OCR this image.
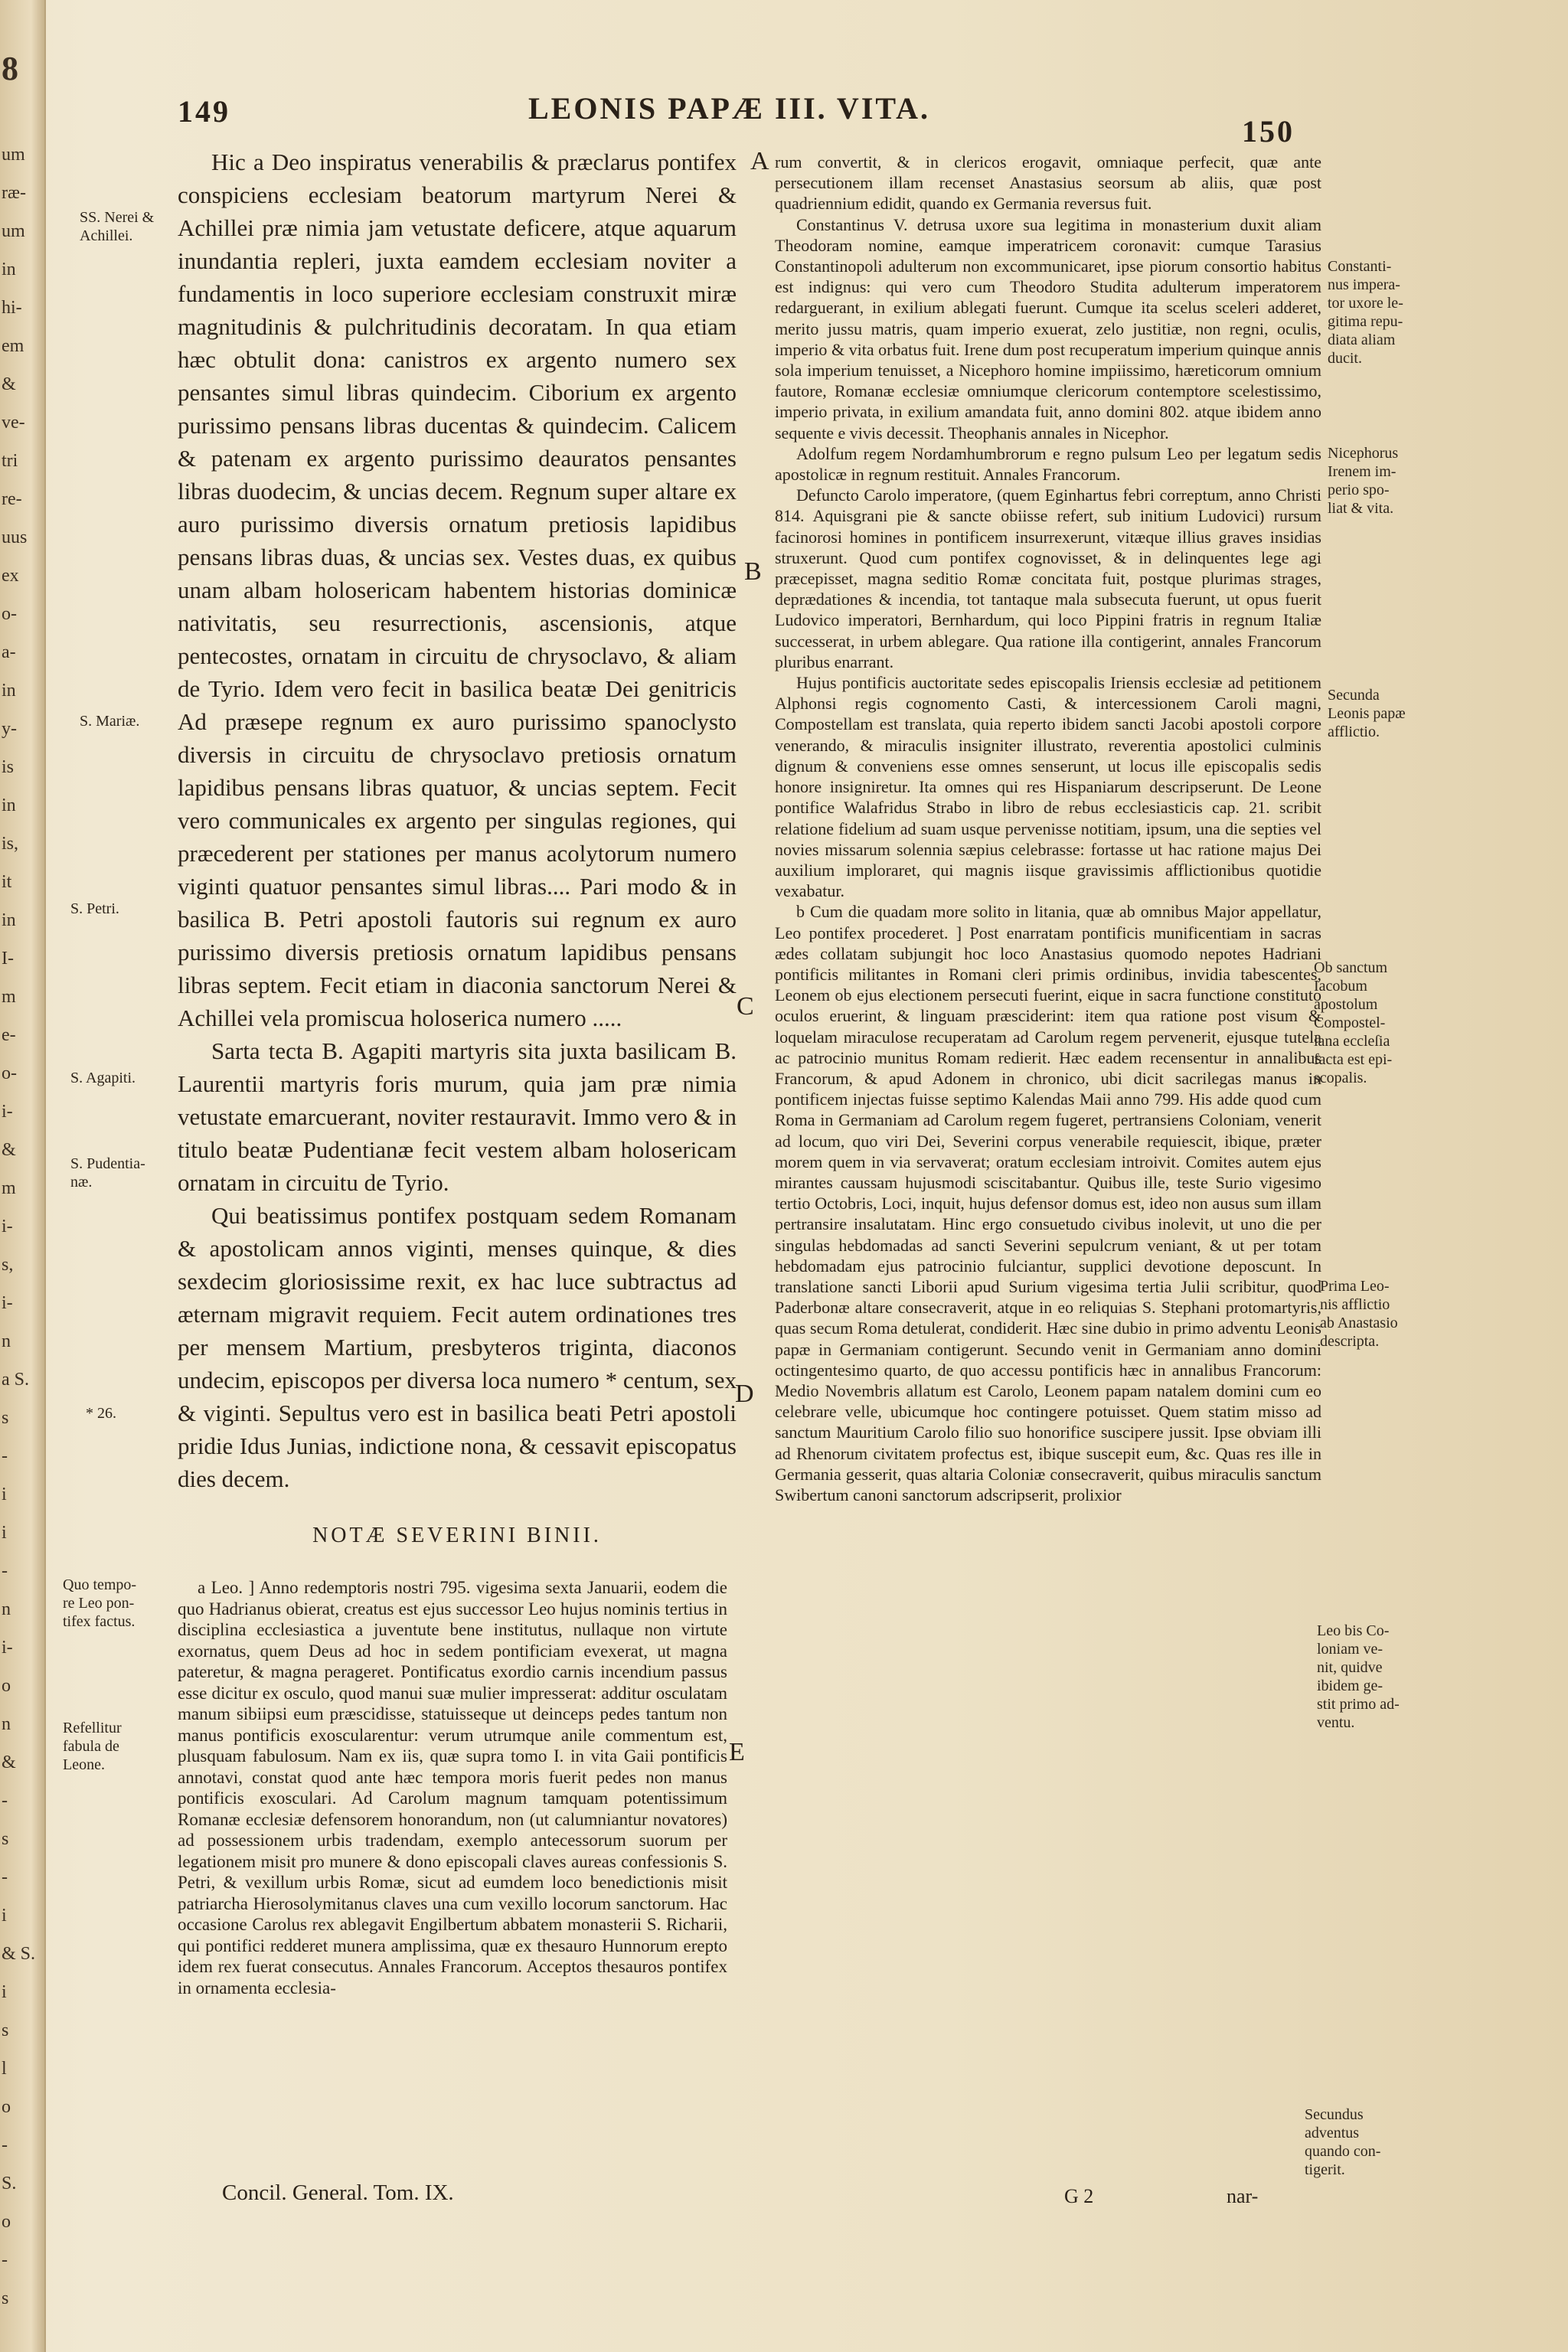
8
um
ræ-
um
in
hi-
em
&
ve-
tri
re-
uus
ex
o-
a-
in
y-
is
in
is,
it
in
I-
m
e-
o-
i-
&
m
i-
s,
i-
n
a S.
s
-
i
i
-
n
i-
o
n
&
-
s
-
i
& S.
i
s
l
o
-
S.
o
-
s
149	LEONIS PAPÆ III. VITA.
150
SS. Nerei &
Achillei.
S. Mariæ.
S. Petri.
S. Agapiti.
S. Pudentia-
næ.
* 26.
Quo tempo-
re Leo pon-
tifex factus.
Refellitur
fabula de
Leone.

Hic a Deo inspiratus venerabilis & præclarus pontifex conspiciens ecclesiam beatorum martyrum Nerei & Achillei præ nimia jam vetustate deficere, atque aquarum inundantia repleri, juxta eamdem ecclesiam noviter a fundamentis in loco superiore ecclesiam construxit miræ magnitudinis & pulchritudinis decoratam. In qua etiam hæc obtulit dona: canistros ex argento numero sex pensantes simul libras quindecim. Ciborium ex argento purissimo pensans libras ducentas & quindecim. Calicem & patenam ex argento purissimo deauratos pensantes libras duodecim, & uncias decem. Regnum super altare ex auro purissimo diversis ornatum pretiosis lapidibus pensans libras duas, & uncias sex. Vestes duas, ex quibus unam albam holosericam habentem historias dominicæ nativitatis, seu resurrectionis, ascensionis, atque pentecostes, ornatam in circuitu de chrysoclavo, & aliam de Tyrio. Idem vero fecit in basilica beatæ Dei genitricis Ad præsepe regnum ex auro purissimo spanoclysto diversis in circuitu de chrysoclavo pretiosis ornatum lapidibus pensans libras quatuor, & uncias septem. Fecit vero communicales ex argento per singulas regiones, qui præcederent per stationes per manus acolytorum numero viginti quatuor pensantes simul libras.... Pari modo & in basilica B. Petri apostoli fautoris sui regnum ex auro purissimo diversis pretiosis ornatum lapidibus pensans libras septem. Fecit etiam in diaconia sanctorum Nerei & Achillei vela promiscua holoserica numero .....

Sarta tecta B. Agapiti martyris sita juxta basilicam B. Laurentii martyris foris murum, quia jam præ nimia vetustate emarcuerant, noviter restauravit. Immo vero & in titulo beatæ Pudentianæ fecit vestem albam holosericam ornatam in circuitu de Tyrio.

Qui beatissimus pontifex postquam sedem Romanam & apostolicam annos viginti, menses quinque, & dies sexdecim gloriosissime rexit, ex hac luce subtractus ad æternam migravit requiem. Fecit autem ordinationes tres per mensem Martium, presbyteros triginta, diaconos undecim, episcopos per diversa loca numero * centum, sex & viginti. Sepultus vero est in basilica beati Petri apostoli pridie Idus Junias, indictione nona, & cessavit episcopatus dies decem.

NOTÆ SEVERINI BINII.

a Leo. ] Anno redemptoris nostri 795. vigesima sexta Januarii, eodem die quo Hadrianus obierat, creatus est ejus successor Leo hujus nominis tertius in disciplina ecclesiastica a juventute bene institutus, nullaque non virtute exornatus, quem Deus ad hoc in sedem pontificiam evexerat, ut magna pateretur, & magna perageret. Pontificatus exordio carnis incendium passus esse dicitur ex osculo, quod manui suæ mulier impresserat: additur osculatam manum sibiipsi eum præscidisse, statuisseque ut deinceps pedes tantum non manus pontificis exoscularentur: verum utrumque anile commentum est, plusquam fabulosum. Nam ex iis, quæ supra tomo I. in vita Gaii pontificis annotavi, constat quod ante hæc tempora moris fuerit pedes non manus pontificis exosculari. Ad Carolum magnum tamquam potentissimum Romanæ ecclesiæ defensorem honorandum, non (ut calumniantur novatores) ad possessionem urbis tradendam, exemplo antecessorum suorum per legationem misit pro munere & dono episcopali claves aureas confessionis S. Petri, & vexillum urbis Romæ, sicut ad eumdem loco benedictionis misit patriarcha Hierosolymitanus claves una cum vexillo locorum sanctorum. Hac occasione Carolus rex ablegavit Engilbertum abbatem monasterii S. Richarii, qui pontifici redderet munera amplissima, quæ ex thesauro Hunnorum erepto idem rex fuerat consecutus. Annales Francorum. Acceptos thesauros pontifex in ornamenta ecclesia-

A
B
C
D
E

rum convertit, & in clericos erogavit, omniaque perfecit, quæ ante persecutionem illam recenset Anastasius seorsum ab aliis, quæ post quadriennium edidit, quando ex Germania reversus fuit.

Constantinus V. detrusa uxore sua legitima in monasterium duxit aliam Theodoram nomine, eamque imperatricem coronavit: cumque Tarasius Constantinopoli adulterum non excommunicaret, ipse piorum consortio habitus est indignus: qui vero cum Theodoro Studita adulterum imperatorem redarguerant, in exilium ablegati fuerunt. Cumque ita scelus sceleri adderet, merito jussu matris, quam imperio exuerat, zelo justitiæ, non regni, oculis, imperio & vita orbatus fuit. Irene dum post recuperatum imperium quinque annis sola imperium tenuisset, a Nicephoro homine impiissimo, hæreticorum omnium fautore, Romanæ ecclesiæ omniumque clericorum contemptore scelestissimo, imperio privata, in exilium amandata fuit, anno domini 802. atque ibidem anno sequente e vivis decessit. Theophanis annales in Nicephor.

Adolfum regem Nordamhumbrorum e regno pulsum Leo per legatum sedis apostolicæ in regnum restituit. Annales Francorum.

Defuncto Carolo imperatore, (quem Eginhartus febri correptum, anno Christi 814. Aquisgrani pie & sancte obiisse refert, sub initium Ludovici) rursum facinorosi homines in pontificem insurrexerunt, vitæque illius graves insidias struxerunt. Quod cum pontifex cognovisset, & in delinquentes lege agi præcepisset, magna seditio Romæ concitata fuit, postque plurimas strages, deprædationes & incendia, tot tantaque mala subsecuta fuerunt, ut opus fuerit Ludovico imperatori, Bernhardum, qui loco Pippini fratris in regnum Italiæ successerat, in urbem ablegare. Qua ratione illa contigerint, annales Francorum pluribus enarrant.

Hujus pontificis auctoritate sedes episcopalis Iriensis ecclesiæ ad petitionem Alphonsi regis cognomento Casti, & intercessionem Caroli magni, Compostellam est translata, quia reperto ibidem sancti Jacobi apostoli corpore venerando, & miraculis insigniter illustrato, reverentia apostolici culminis dignum & conveniens esse omnes senserunt, ut locus ille episcopalis sedis honore insigniretur. Ita omnes qui res Hispaniarum descripserunt. De Leone pontifice Walafridus Strabo in libro de rebus ecclesiasticis cap. 21. scribit relatione fidelium ad suam usque pervenisse notitiam, ipsum, una die septies vel novies missarum solennia sæpius celebrasse: fortasse ut hac ratione majus Dei auxilium imploraret, qui magnis iisque gravissimis afflictionibus quotidie vexabatur.

b Cum die quadam more solito in litania, quæ ab omnibus Major appellatur, Leo pontifex procederet. ] Post enarratam pontificis munificentiam in sacras ædes collatam subjungit hoc loco Anastasius quomodo nepotes Hadriani pontificis militantes in Romani cleri primis ordinibus, invidia tabescentes, Leonem ob ejus electionem persecuti fuerint, eique in sacra functione constituto oculos eruerint, & linguam præsciderint: item qua ratione post visum & loquelam miraculose recuperatam ad Carolum regem pervenerit, ejusque tutela ac patrocinio munitus Romam redierit. Hæc eadem recensentur in annalibus Francorum, & apud Adonem in chronico, ubi dicit sacrilegas manus in pontificem injectas fuisse septimo Kalendas Maii anno 799. His adde quod cum Roma in Germaniam ad Carolum regem fugeret, pertransiens Coloniam, venerit ad locum, quo viri Dei, Severini corpus venerabile requiescit, ibique, præter morem quem in via servaverat; oratum ecclesiam introivit. Comites autem ejus mirantes caussam hujusmodi sciscitabantur. Quibus ille, teste Surio vigesimo tertio Octobris, Loci, inquit, hujus defensor domus est, ideo non ausus sum illam pertransire insalutatam. Hinc ergo consuetudo civibus inolevit, ut uno die per singulas hebdomadas ad sancti Severini sepulcrum veniant, & ut per totam hebdomadam ejus patrocinio fulciantur, supplici devotione deposcunt. In translatione sancti Liborii apud Surium vigesima tertia Julii scribitur, quod Paderbonæ altare consecraverit, atque in eo reliquias S. Stephani protomartyris, quas secum Roma detulerat, condiderit. Hæc sine dubio in primo adventu Leonis papæ in Germaniam contigerunt. Secundo venit in Germaniam anno domini octingentesimo quarto, de quo accessu pontificis hæc in annalibus Francorum: Medio Novembris allatum est Carolo, Leonem papam natalem domini cum eo celebrare velle, ubicumque hoc contingere potuisset. Quem statim misso ad sanctum Mauritium Carolo filio suo honorifice suscipere jussit. Ipse obviam illi ad Rhenorum civitatem profectus est, ibique suscepit eum, &c. Quas res ille in Germania gesserit, quas altaria Coloniæ consecraverit, quibus miraculis sanctum Swibertum canoni sanctorum adscripserit, prolixior

Constanti-
nus impera-
tor uxore le-
gitima repu-
diata aliam
ducit.
Nicephorus
Irenem im-
perio spo-
liat & vita.
Secunda
Leonis papæ
afflictio.
Ob sanctum
Iacobum
apostolum
Compostel-
lana eccleſia
facta est epi-
scopalis.
Prima Leo-
nis afflictio
ab Anastasio
descripta.
Leo bis Co-
loniam ve-
nit, quidve
ibidem ge-
stit primo ad-
ventu.
Secundus
adventus
quando con-
tigerit.
Concil. General. Tom. IX.	G 2	nar-
